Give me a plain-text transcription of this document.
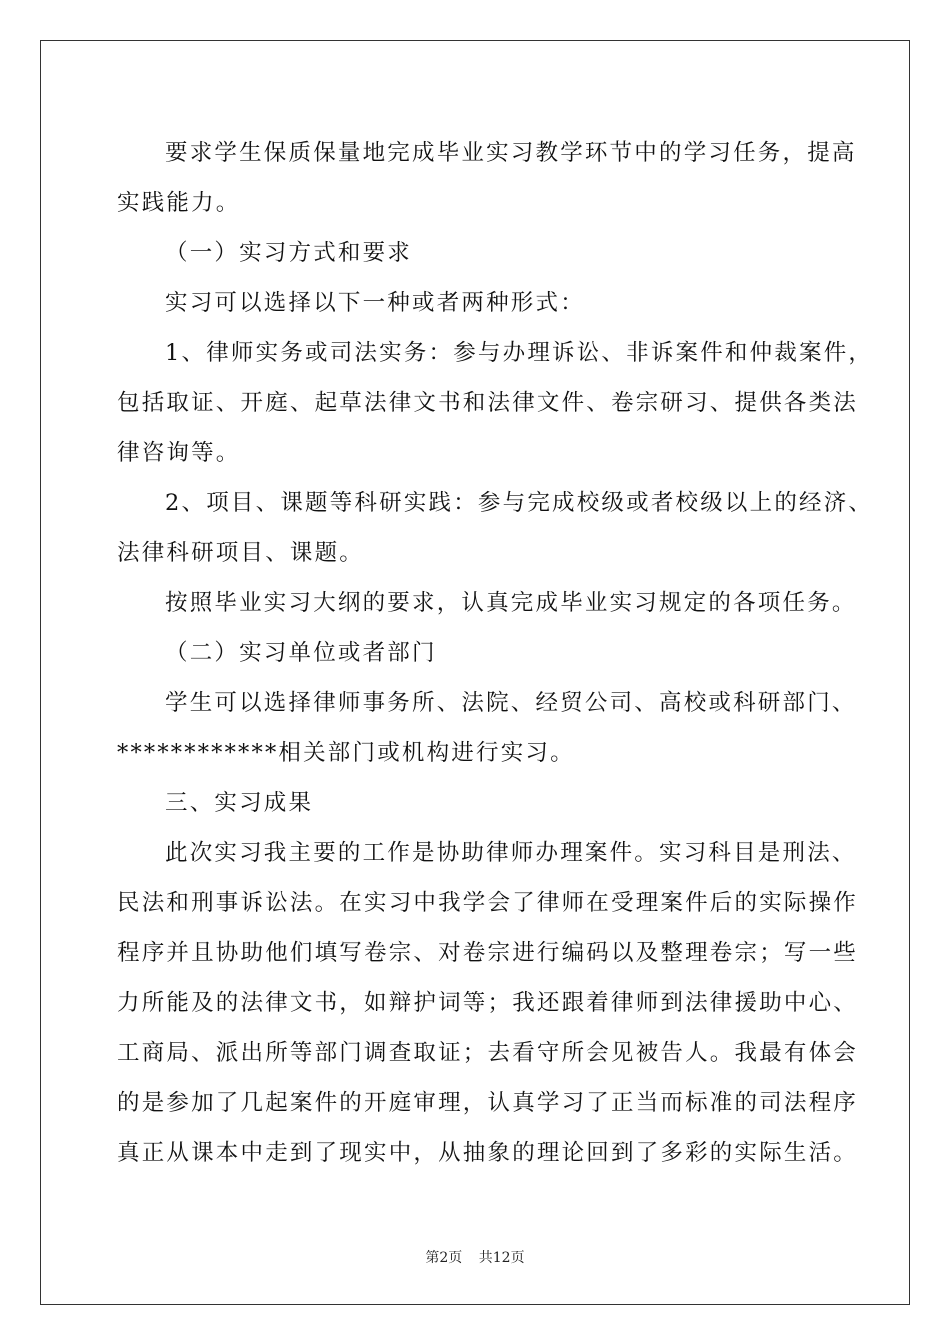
要求学生保质保量地完成毕业实习教学环节中的学习任务，提高
实践能力。
（一）实习方式和要求
实习可以选择以下一种或者两种形式：
1、律师实务或司法实务：参与办理诉讼、非诉案件和仲裁案件，
包括取证、开庭、起草法律文书和法律文件、卷宗研习、提供各类法
律咨询等。
2、项目、课题等科研实践：参与完成校级或者校级以上的经济、
法律科研项目、课题。
按照毕业实习大纲的要求，认真完成毕业实习规定的各项任务。
（二）实习单位或者部门
学生可以选择律师事务所、法院、经贸公司、高校或科研部门、
************相关部门或机构进行实习。
三、实习成果
此次实习我主要的工作是协助律师办理案件。实习科目是刑法、
民法和刑事诉讼法。在实习中我学会了律师在受理案件后的实际操作
程序并且协助他们填写卷宗、对卷宗进行编码以及整理卷宗；写一些
力所能及的法律文书，如辩护词等；我还跟着律师到法律援助中心、
工商局、派出所等部门调查取证；去看守所会见被告人。我最有体会
的是参加了几起案件的开庭审理，认真学习了正当而标准的司法程序
真正从课本中走到了现实中，从抽象的理论回到了多彩的实际生活。
第2页 共12页
